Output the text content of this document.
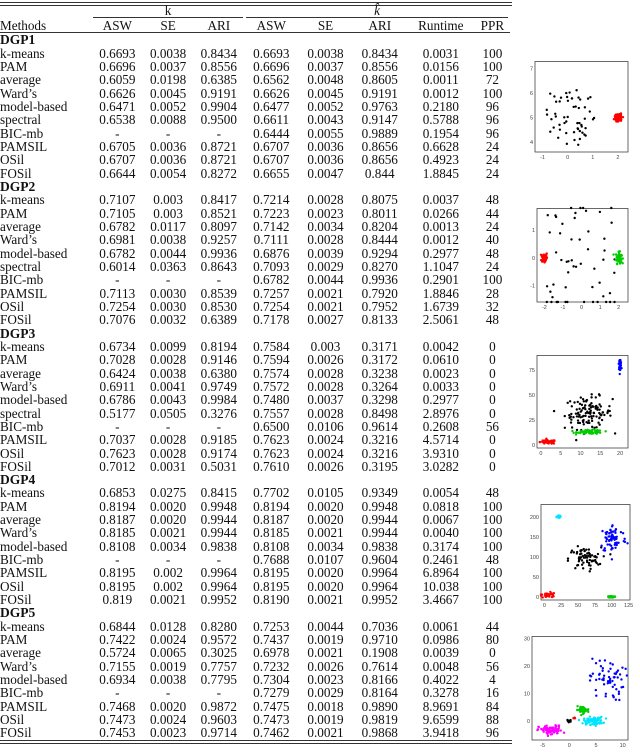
	k			k̂				
Methods	ASW	SE	ARI	ASW	SE	ARI	Runtime	PPR
DGP1								
k-means	0.6693	0.0038	0.8434	0.6693	0.0038	0.8434	0.0031	100
PAM	0.6696	0.0037	0.8556	0.6696	0.0037	0.8556	0.0156	100
average	0.6059	0.0198	0.6385	0.6562	0.0048	0.8605	0.0011	72
Ward’s	0.6626	0.0045	0.9191	0.6626	0.0045	0.9191	0.0012	100
model-based	0.6471	0.0052	0.9904	0.6477	0.0052	0.9763	0.2180	96
spectral	0.6538	0.0088	0.9500	0.6611	0.0043	0.9147	0.5788	96
BIC-mb	-	-	-	0.6444	0.0055	0.9889	0.1954	96
PAMSIL	0.6705	0.0036	0.8721	0.6707	0.0036	0.8656	0.6628	24
OSil	0.6707	0.0036	0.8721	0.6707	0.0036	0.8656	0.4923	24
FOSil	0.6644	0.0054	0.8272	0.6655	0.0047	0.844	1.8845	24
DGP2								
k-means	0.7107	0.003	0.8417	0.7214	0.0028	0.8075	0.0037	48
PAM	0.7105	0.003	0.8521	0.7223	0.0023	0.8011	0.0266	44
average	0.6782	0.0117	0.8097	0.7142	0.0034	0.8204	0.0013	24
Ward’s	0.6981	0.0038	0.9257	0.7111	0.0028	0.8444	0.0012	40
model-based	0.6782	0.0044	0.9936	0.6876	0.0039	0.9294	0.2977	48
spectral	0.6014	0.0363	0.8643	0.7093	0.0029	0.8270	1.1047	24
BIC-mb	-	-	-	0.6782	0.0044	0.9936	0.2901	100
PAMSIL	0.7113	0.0030	0.8539	0.7257	0.0021	0.7920	1.8846	28
OSil	0.7254	0.0030	0.8530	0.7254	0.0021	0.7952	1.6739	32
FOSil	0.7076	0.0032	0.6389	0.7178	0.0027	0.8133	2.5061	48
DGP3								
k-means	0.6734	0.0099	0.8194	0.7584	0.003	0.3171	0.0042	0
PAM	0.7028	0.0028	0.9146	0.7594	0.0026	0.3172	0.0610	0
average	0.6424	0.0038	0.6380	0.7574	0.0028	0.3238	0.0023	0
Ward’s	0.6911	0.0041	0.9749	0.7572	0.0028	0.3264	0.0033	0
model-based	0.6786	0.0043	0.9984	0.7480	0.0037	0.3298	0.2977	0
spectral	0.5177	0.0505	0.3276	0.7557	0.0028	0.8498	2.8976	0
BIC-mb	-	-	-	0.6500	0.0106	0.9614	0.2608	56
PAMSIL	0.7037	0.0028	0.9185	0.7623	0.0024	0.3216	4.5714	0
OSil	0.7623	0.0028	0.9174	0.7623	0.0024	0.3216	3.9310	0
FOSil	0.7012	0.0031	0.5031	0.7610	0.0026	0.3195	3.0282	0
DGP4								
k-means	0.6853	0.0275	0.8415	0.7702	0.0105	0.9349	0.0054	48
PAM	0.8194	0.0020	0.9948	0.8194	0.0020	0.9948	0.0818	100
average	0.8187	0.0020	0.9944	0.8187	0.0020	0.9944	0.0067	100
Ward’s	0.8185	0.0021	0.9944	0.8185	0.0021	0.9944	0.0040	100
model-based	0.8108	0.0034	0.9838	0.8108	0.0034	0.9838	0.3174	100
BIC-mb	-	-	-	0.7688	0.0107	0.9604	0.2461	48
PAMSIL	0.8195	0.002	0.9964	0.8195	0.0020	0.9964	6.8964	100
OSil	0.8195	0.002	0.9964	0.8195	0.0020	0.9964	10.038	100
FOSil	0.819	0.0021	0.9952	0.8190	0.0021	0.9952	3.4667	100
DGP5								
k-means	0.6844	0.0128	0.8280	0.7253	0.0044	0.7036	0.0061	44
PAM	0.7422	0.0024	0.9572	0.7437	0.0019	0.9710	0.0986	80
average	0.5724	0.0065	0.3025	0.6978	0.0021	0.1908	0.0039	0
Ward’s	0.7155	0.0019	0.7757	0.7232	0.0026	0.7614	0.0048	56
model-based	0.6934	0.0038	0.7795	0.7304	0.0023	0.8166	0.4022	4
BIC-mb	-	-	-	0.7279	0.0029	0.8164	0.3278	16
PAMSIL	0.7468	0.0020	0.9872	0.7475	0.0018	0.9890	8.9691	84
OSil	0.7473	0.0024	0.9603	0.7473	0.0019	0.9819	9.6599	88
FOSil	0.7453	0.0023	0.9714	0.7462	0.0021	0.9868	3.9418	96
-1	0	1	2
4
5
6
7
-2 -1	0	1	2
-1
0
1
0	5	10 15 20
0
25
50
75
0 25 50 75 100 125
0
50
100
150
200
-5	0	5	10
0
10
20
30
